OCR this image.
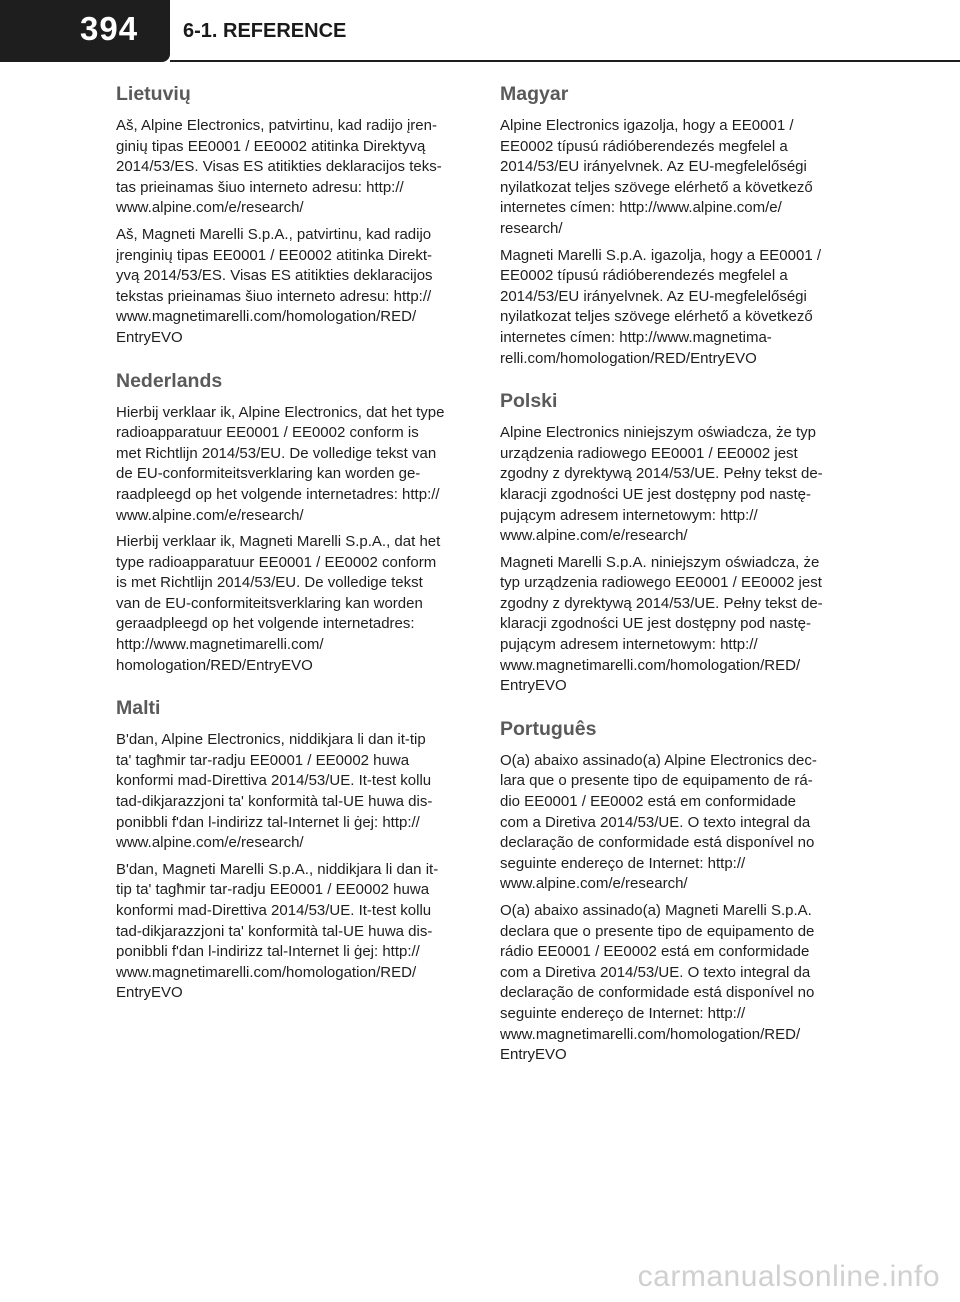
394 6-1. REFERENCE
Lietuvių

Aš, Alpine Electronics, patvirtinu, kad radijo įren-
ginių tipas EE0001 / EE0002 atitinka Direktyvą
2014/53/ES. Visas ES atitikties deklaracijos teks-
tas prieinamas šiuo interneto adresu: http://
www.alpine.com/e/research/

Aš, Magneti Marelli S.p.A., patvirtinu, kad radijo
įrenginių tipas EE0001 / EE0002 atitinka Direkt-
yvą 2014/53/ES. Visas ES atitikties deklaracijos
tekstas prieinamas šiuo interneto adresu: http://
www.magnetimarelli.com/homologation/RED/
EntryEVO

Nederlands

Hierbij verklaar ik, Alpine Electronics, dat het type
radioapparatuur EE0001 / EE0002 conform is
met Richtlijn 2014/53/EU. De volledige tekst van
de EU-conformiteitsverklaring kan worden ge-
raadpleegd op het volgende internetadres: http://
www.alpine.com/e/research/

Hierbij verklaar ik, Magneti Marelli S.p.A., dat het
type radioapparatuur EE0001 / EE0002 conform
is met Richtlijn 2014/53/EU. De volledige tekst
van de EU-conformiteitsverklaring kan worden
geraadpleegd op het volgende internetadres:
http://www.magnetimarelli.com/
homologation/RED/EntryEVO

Malti

B'dan, Alpine Electronics, niddikjara li dan it-tip
ta' tagħmir tar-radju EE0001 / EE0002 huwa
konformi mad-Direttiva 2014/53/UE. It-test kollu
tad-dikjarazzjoni ta' konformità tal-UE huwa dis-
ponibbli f'dan l-indirizz tal-Internet li ġej: http://
www.alpine.com/e/research/

B'dan, Magneti Marelli S.p.A., niddikjara li dan it-
tip ta' tagħmir tar-radju EE0001 / EE0002 huwa
konformi mad-Direttiva 2014/53/UE. It-test kollu
tad-dikjarazzjoni ta' konformità tal-UE huwa dis-
ponibbli f'dan l-indirizz tal-Internet li ġej: http://
www.magnetimarelli.com/homologation/RED/
EntryEVO

Magyar

Alpine Electronics igazolja, hogy a EE0001 /
EE0002 típusú rádióberendezés megfelel a
2014/53/EU irányelvnek. Az EU-megfelelőségi
nyilatkozat teljes szövege elérhető a következő
internetes címen: http://www.alpine.com/e/
research/

Magneti Marelli S.p.A. igazolja, hogy a EE0001 /
EE0002 típusú rádióberendezés megfelel a
2014/53/EU irányelvnek. Az EU-megfelelőségi
nyilatkozat teljes szövege elérhető a következő
internetes címen: http://www.magnetima-
relli.com/homologation/RED/EntryEVO

Polski

Alpine Electronics niniejszym oświadcza, że typ
urządzenia radiowego EE0001 / EE0002 jest
zgodny z dyrektywą 2014/53/UE. Pełny tekst de-
klaracji zgodności UE jest dostępny pod nastę-
pującym adresem internetowym: http://
www.alpine.com/e/research/

Magneti Marelli S.p.A. niniejszym oświadcza, że
typ urządzenia radiowego EE0001 / EE0002 jest
zgodny z dyrektywą 2014/53/UE. Pełny tekst de-
klaracji zgodności UE jest dostępny pod nastę-
pującym adresem internetowym: http://
www.magnetimarelli.com/homologation/RED/
EntryEVO

Português

O(a) abaixo assinado(a) Alpine Electronics dec-
lara que o presente tipo de equipamento de rá-
dio EE0001 / EE0002 está em conformidade
com a Diretiva 2014/53/UE. O texto integral da
declaração de conformidade está disponível no
seguinte endereço de Internet: http://
www.alpine.com/e/research/

O(a) abaixo assinado(a) Magneti Marelli S.p.A.
declara que o presente tipo de equipamento de
rádio EE0001 / EE0002 está em conformidade
com a Diretiva 2014/53/UE. O texto integral da
declaração de conformidade está disponível no
seguinte endereço de Internet: http://
www.magnetimarelli.com/homologation/RED/
EntryEVO

carmanualsonline.info
